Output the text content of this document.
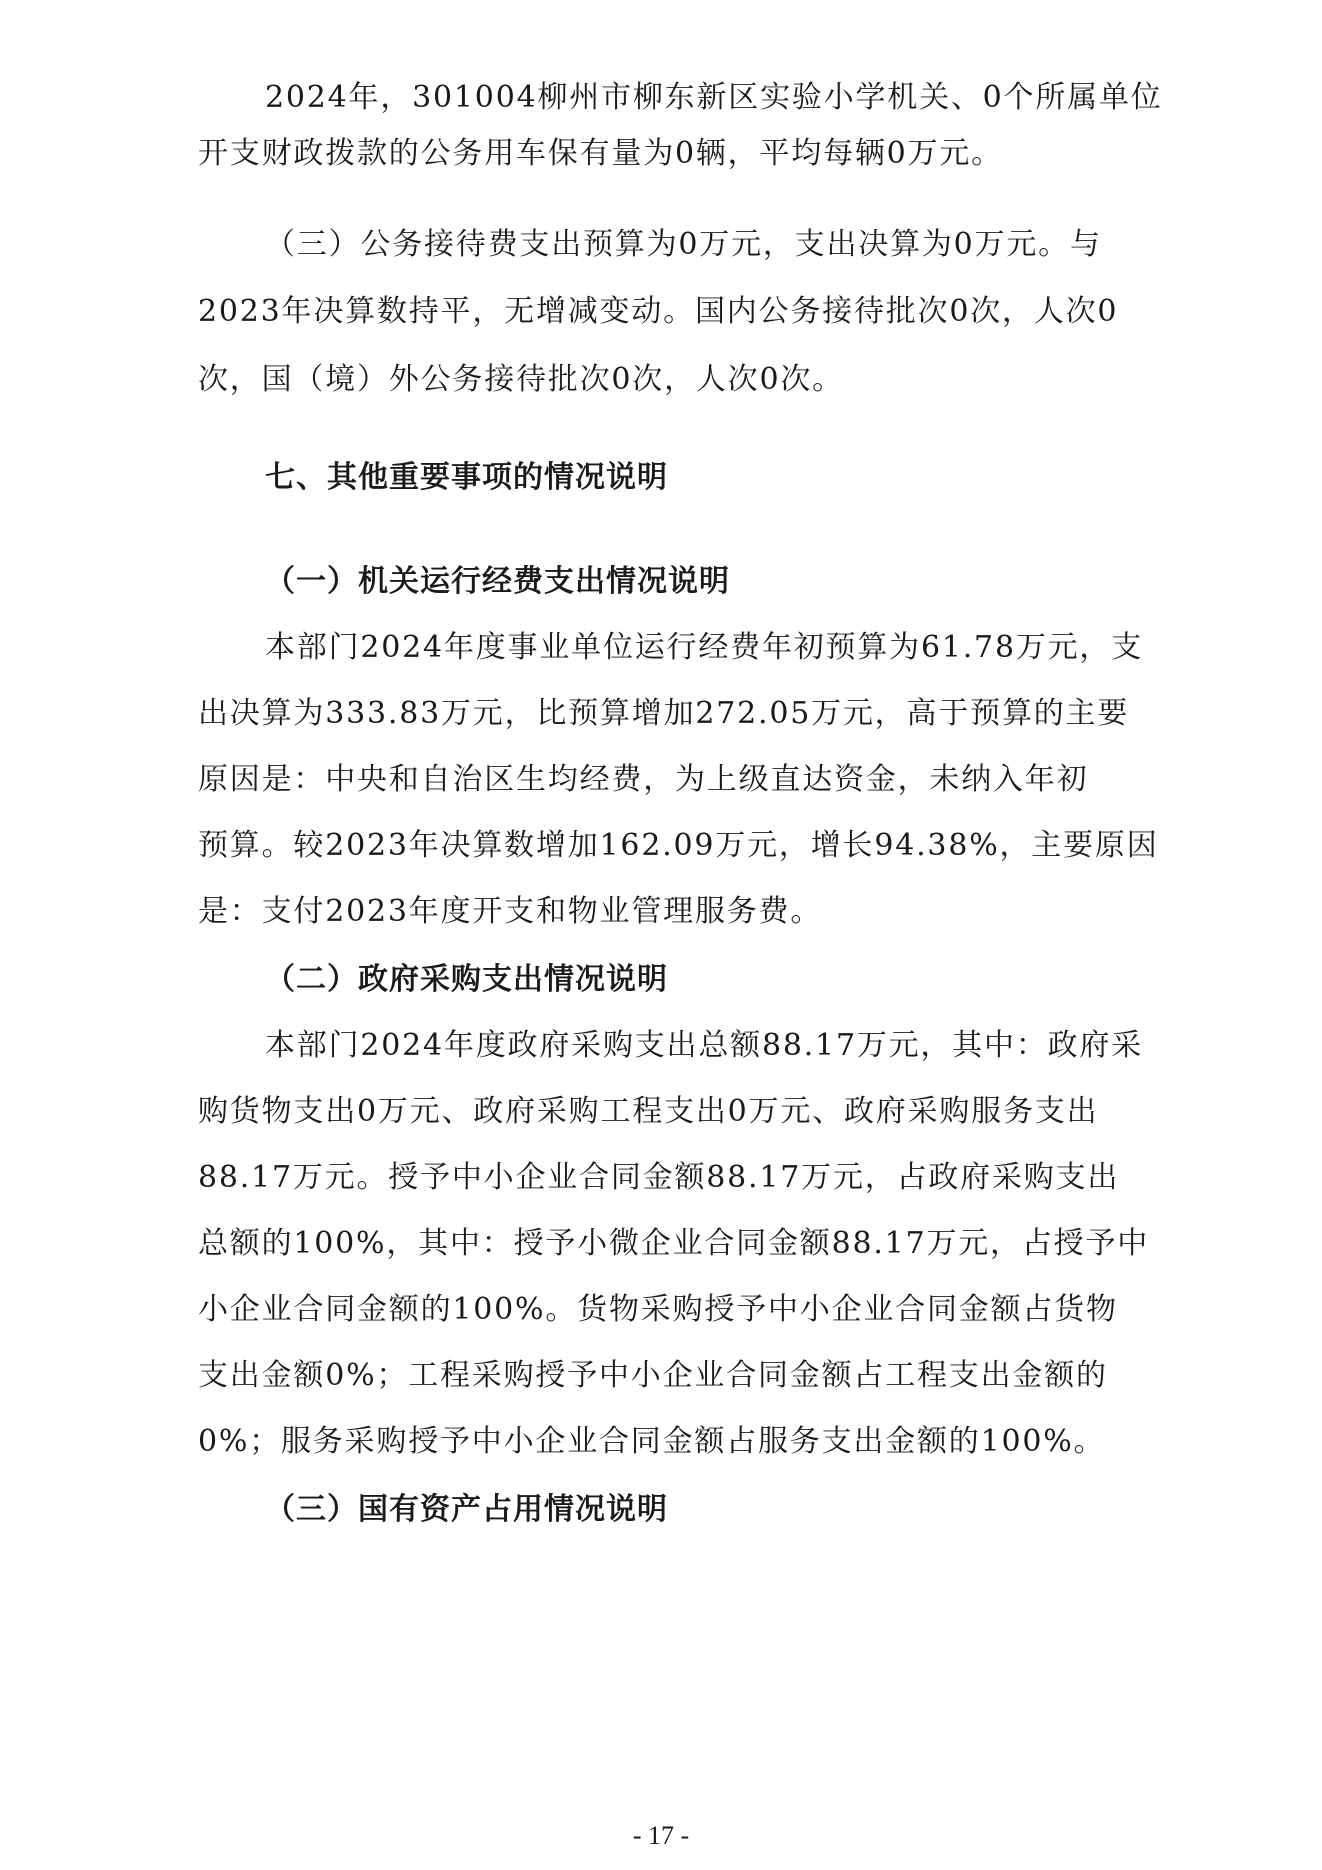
2024年，301004柳州市柳东新区实验小学机关、0个所属单位
开支财政拨款的公务用车保有量为0辆，平均每辆0万元。
（三）公务接待费支出预算为0万元，支出决算为0万元。与
2023年决算数持平，无增减变动。国内公务接待批次0次，人次0
次，国（境）外公务接待批次0次，人次0次。
七、其他重要事项的情况说明
（一）机关运行经费支出情况说明
本部门2024年度事业单位运行经费年初预算为61.78万元，支
出决算为333.83万元，比预算增加272.05万元，高于预算的主要
原因是：中央和自治区生均经费，为上级直达资金，未纳入年初
预算。较2023年决算数增加162.09万元，增长94.38%，主要原因
是：支付2023年度开支和物业管理服务费。
（二）政府采购支出情况说明
本部门2024年度政府采购支出总额88.17万元，其中：政府采
购货物支出0万元、政府采购工程支出0万元、政府采购服务支出
88.17万元。授予中小企业合同金额88.17万元，占政府采购支出
总额的100%，其中：授予小微企业合同金额88.17万元，占授予中
小企业合同金额的100%。货物采购授予中小企业合同金额占货物
支出金额0%；工程采购授予中小企业合同金额占工程支出金额的
0%；服务采购授予中小企业合同金额占服务支出金额的100%。
（三）国有资产占用情况说明
- 17 -
